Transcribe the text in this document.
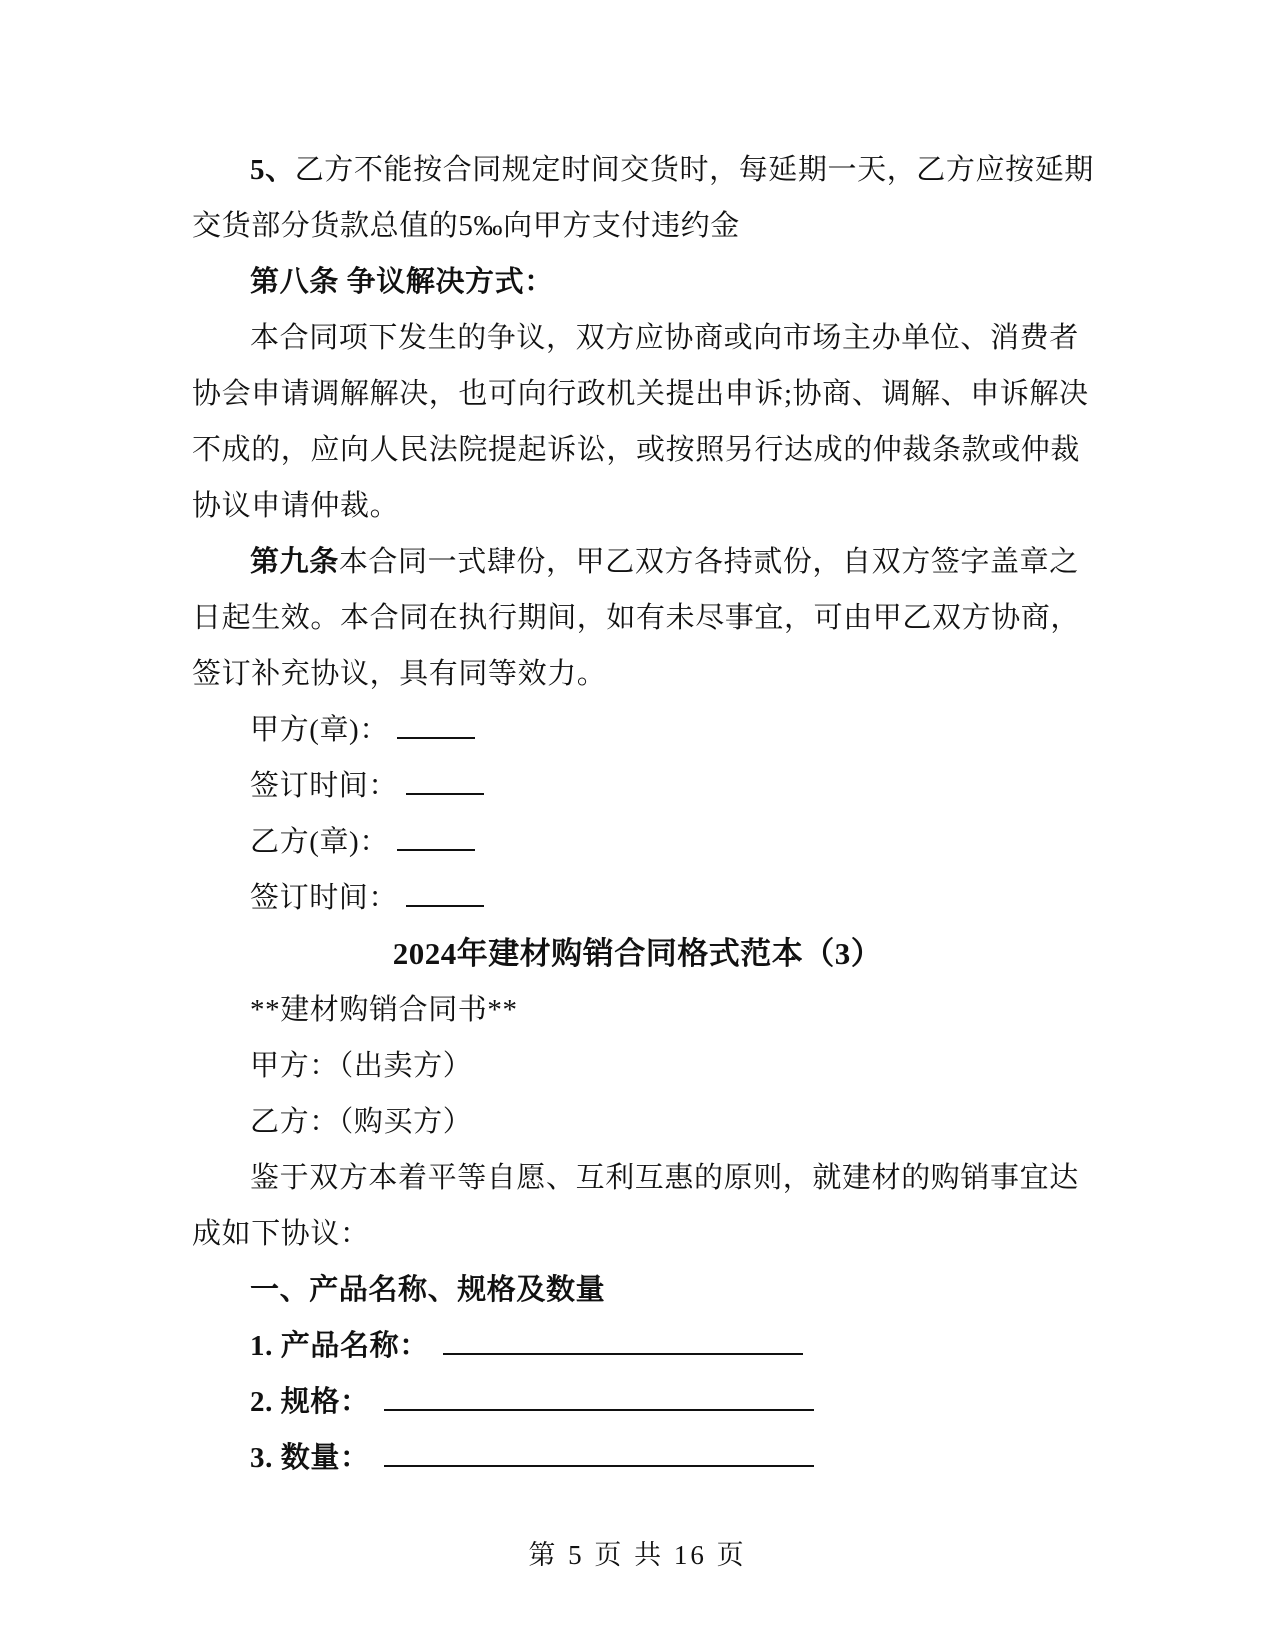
5、乙方不能按合同规定时间交货时，每延期一天，乙方应按延期
交货部分货款总值的5‰向甲方支付违约金
第八条 争议解决方式：
本合同项下发生的争议，双方应协商或向市场主办单位、消费者
协会申请调解解决，也可向行政机关提出申诉;协商、调解、申诉解决
不成的，应向人民法院提起诉讼，或按照另行达成的仲裁条款或仲裁
协议申请仲裁。
第九条本合同一式肆份，甲乙双方各持贰份，自双方签字盖章之
日起生效。本合同在执行期间，如有未尽事宜，可由甲乙双方协商，
签订补充协议，具有同等效力。
甲方(章)：
签订时间：
乙方(章)：
签订时间：
2024年建材购销合同格式范本（3）
**建材购销合同书**
甲方：（出卖方）
乙方：（购买方）
鉴于双方本着平等自愿、互利互惠的原则，就建材的购销事宜达
成如下协议：
一、产品名称、规格及数量
1. 产品名称：
2. 规格：
3. 数量：
第 5 页 共 16 页
